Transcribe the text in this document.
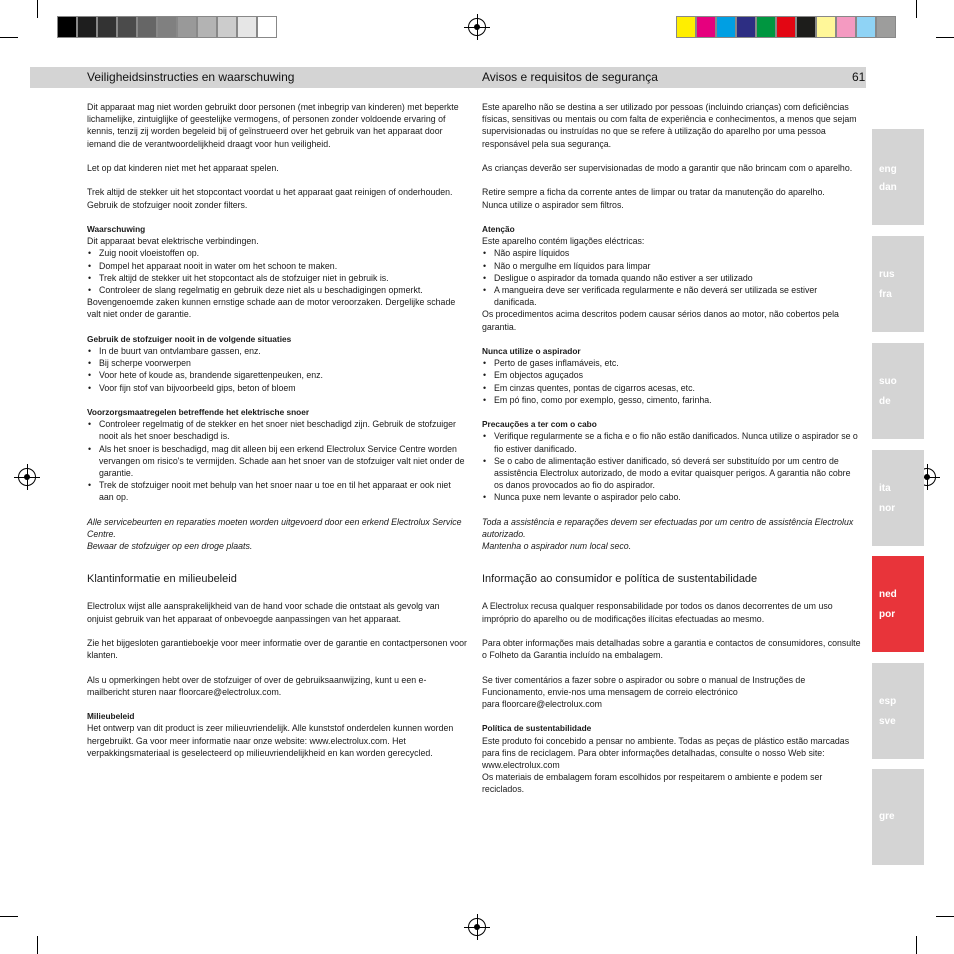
Veiligheidsinstructies en waarschuwing	Avisos e requisitos de segurança	61

Dit apparaat mag niet worden gebruikt door personen (met inbegrip van kinderen) met beperkte lichamelijke, zintuiglijke of geestelijke vermogens, of personen zonder voldoende ervaring of kennis, tenzij zij worden begeleid bij of geïnstrueerd over het gebruik van het apparaat door iemand die de verantwoordelijkheid draagt voor hun veiligheid.

Let op dat kinderen niet met het apparaat spelen.

Trek altijd de stekker uit het stopcontact voordat u het apparaat gaat reinigen of onderhouden.

Gebruik de stofzuiger nooit zonder filters.

Waarschuwing
Dit apparaat bevat elektrische verbindingen.
• Zuig nooit vloeistoffen op.
• Dompel het apparaat nooit in water om het schoon te maken.
• Trek altijd de stekker uit het stopcontact als de stofzuiger niet in gebruik is.
• Controleer de slang regelmatig en gebruik deze niet als u beschadigingen opmerkt.

Bovengenoemde zaken kunnen ernstige schade aan de motor veroorzaken. Dergelijke schade valt niet onder de garantie.

Gebruik de stofzuiger nooit in de volgende situaties
• In de buurt van ontvlambare gassen, enz.
• Bij scherpe voorwerpen
• Voor hete of koude as, brandende sigarettenpeuken, enz.
• Voor fijn stof van bijvoorbeeld gips, beton of bloem
Voorzorgsmaatregelen betreffende het elektrische snoer
• Controleer regelmatig of de stekker en het snoer niet beschadigd zijn. Gebruik de stofzuiger nooit als het snoer beschadigd is.
• Als het snoer is beschadigd, mag dit alleen bij een erkend Electrolux Service Centre worden vervangen om risico's te vermijden. Schade aan het snoer van de stofzuiger valt niet onder de garantie.
• Trek de stofzuiger nooit met behulp van het snoer naar u toe en til het apparaat er ook niet aan op.
Alle servicebeurten en reparaties moeten worden uitgevoerd door een erkend Electrolux Service Centre.
Bewaar de stofzuiger op een droge plaats.
Klantinformatie en milieubeleid

Electrolux wijst alle aansprakelijkheid van de hand voor schade die ontstaat als gevolg van onjuist gebruik van het apparaat of onbevoegde aanpassingen van het apparaat.

Zie het bijgesloten garantieboekje voor meer informatie over de garantie en contactpersonen voor klanten.

Als u opmerkingen hebt over de stofzuiger of over de gebruiksaanwijzing, kunt u een e-mailbericht sturen naar floorcare@electrolux.com.

Milieubeleid
Het ontwerp van dit product is zeer milieuvriendelijk. Alle kunststof onderdelen kunnen worden hergebruikt. Ga voor meer informatie naar onze website: www.electrolux.com. Het verpakkingsmateriaal is geselecteerd op milieuvriendelijkheid en kan worden gerecycled.

Este aparelho não se destina a ser utilizado por pessoas (incluindo crianças) com deficiências físicas, sensitivas ou mentais ou com falta de experiência e conhecimentos, a menos que sejam supervisionadas ou instruídas no que se refere à utilização do aparelho por uma pessoa responsável pela sua segurança.

As crianças deverão ser supervisionadas de modo a garantir que não brincam com o aparelho.

Retire sempre a ficha da corrente antes de limpar ou tratar da manutenção do aparelho.

Nunca utilize o aspirador sem filtros.

Atenção
Este aparelho contém ligações eléctricas:
• Não aspire líquidos
• Não o mergulhe em líquidos para limpar
• Desligue o aspirador da tomada quando não estiver a ser utilizado
• A mangueira deve ser verificada regularmente e não deverá ser utilizada se estiver danificada.

Os procedimentos acima descritos podem causar sérios danos ao motor, não cobertos pela garantia.

Nunca utilize o aspirador
• Perto de gases inflamáveis, etc.
• Em objectos aguçados
• Em cinzas quentes, pontas de cigarros acesas, etc.
• Em pó fino, como por exemplo, gesso, cimento, farinha.
Precauções a ter com o cabo
• Verifique regularmente se a ficha e o fio não estão danificados. Nunca utilize o aspirador se o fio estiver danificado.
• Se o cabo de alimentação estiver danificado, só deverá ser substituído por um centro de assistência Electrolux autorizado, de modo a evitar quaisquer perigos. A garantia não cobre os danos provocados ao fio do aspirador.
• Nunca puxe nem levante o aspirador pelo cabo.
Toda a assistência e reparações devem ser efectuadas por um centro de assistência Electrolux autorizado.
Mantenha o aspirador num local seco.
Informação ao consumidor e política de sustentabilidade

A Electrolux recusa qualquer responsabilidade por todos os danos decorrentes de um uso impróprio do aparelho ou de modificações ilícitas efectuadas ao mesmo.

Para obter informações mais detalhadas sobre a garantia e contactos de consumidores, consulte o Folheto da Garantia incluído na embalagem.

Se tiver comentários a fazer sobre o aspirador ou sobre o manual de Instruções de Funcionamento, envie-nos uma mensagem de correio electrónico

para floorcare@electrolux.com

Política de sustentabilidade
Este produto foi concebido a pensar no ambiente. Todas as peças de plástico estão marcadas para fins de reciclagem. Para obter informações detalhadas, consulte o nosso Web site: www.electrolux.com
Os materiais de embalagem foram escolhidos por respeitarem o ambiente e podem ser reciclados.
eng
dan
rus
fra
suo
de
ita
nor
ned
por
esp
sve
gre
